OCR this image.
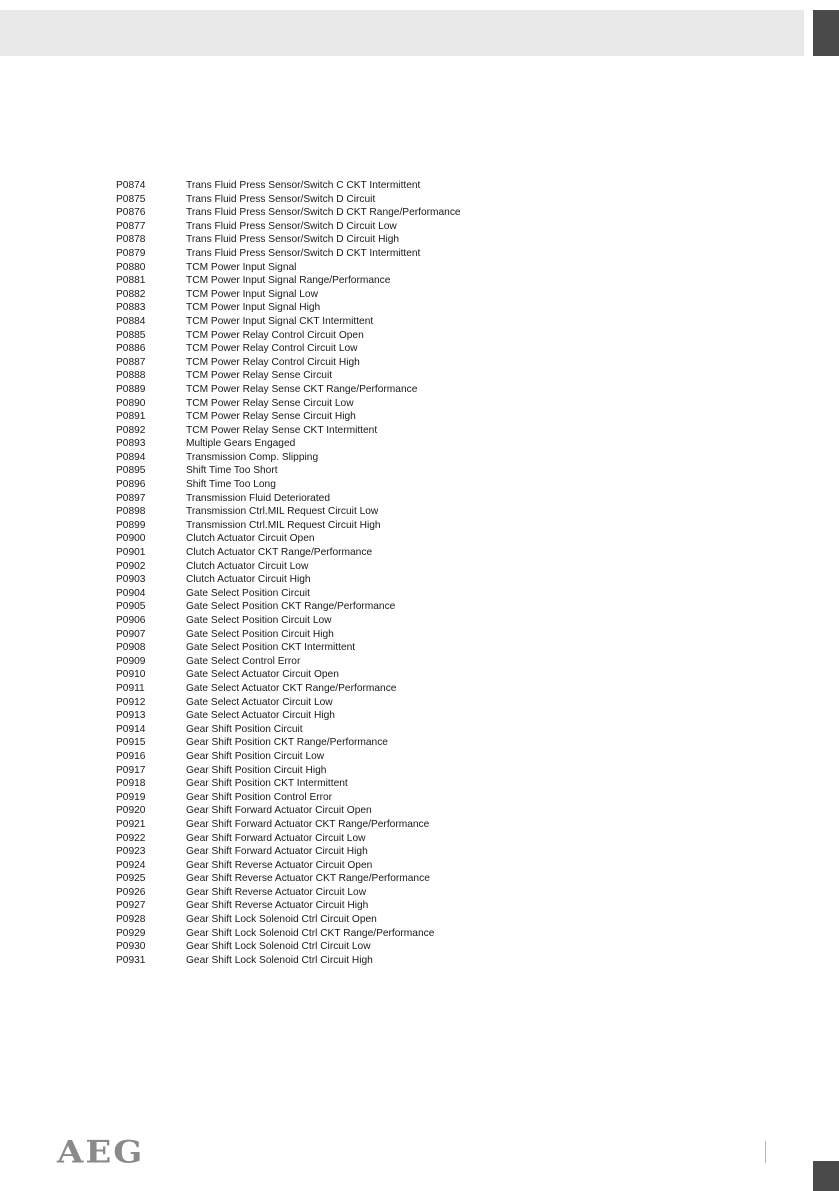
P0874	Trans Fluid Press Sensor/Switch C CKT Intermittent
P0875	Trans Fluid Press Sensor/Switch D Circuit
P0876	Trans Fluid Press Sensor/Switch D CKT Range/Performance
P0877	Trans Fluid Press Sensor/Switch D Circuit Low
P0878	Trans Fluid Press Sensor/Switch D Circuit High
P0879	Trans Fluid Press Sensor/Switch D CKT Intermittent
P0880	TCM Power Input Signal
P0881	TCM Power Input Signal Range/Performance
P0882	TCM Power Input Signal Low
P0883	TCM Power Input Signal High
P0884	TCM Power Input Signal CKT Intermittent
P0885	TCM Power Relay Control Circuit Open
P0886	TCM Power Relay Control Circuit Low
P0887	TCM Power Relay Control Circuit High
P0888	TCM Power Relay Sense Circuit
P0889	TCM Power Relay Sense CKT Range/Performance
P0890	TCM Power Relay Sense Circuit Low
P0891	TCM Power Relay Sense Circuit High
P0892	TCM Power Relay Sense CKT Intermittent
P0893	Multiple Gears Engaged
P0894	Transmission Comp. Slipping
P0895	Shift Time Too Short
P0896	Shift Time Too Long
P0897	Transmission Fluid Deteriorated
P0898	Transmission Ctrl.MIL Request Circuit Low
P0899	Transmission Ctrl.MIL Request Circuit High
P0900	Clutch Actuator Circuit Open
P0901	Clutch Actuator CKT Range/Performance
P0902	Clutch Actuator Circuit Low
P0903	Clutch Actuator Circuit High
P0904	Gate Select Position Circuit
P0905	Gate Select Position CKT Range/Performance
P0906	Gate Select Position Circuit Low
P0907	Gate Select Position Circuit High
P0908	Gate Select Position CKT Intermittent
P0909	Gate Select Control Error
P0910	Gate Select Actuator Circuit Open
P0911	Gate Select Actuator CKT Range/Performance
P0912	Gate Select Actuator Circuit Low
P0913	Gate Select Actuator Circuit High
P0914	Gear Shift Position Circuit
P0915	Gear Shift Position CKT Range/Performance
P0916	Gear Shift Position Circuit Low
P0917	Gear Shift Position Circuit High
P0918	Gear Shift Position CKT Intermittent
P0919	Gear Shift Position Control Error
P0920	Gear Shift Forward Actuator Circuit Open
P0921	Gear Shift Forward Actuator CKT Range/Performance
P0922	Gear Shift Forward Actuator Circuit Low
P0923	Gear Shift Forward Actuator Circuit High
P0924	Gear Shift Reverse Actuator Circuit Open
P0925	Gear Shift Reverse Actuator CKT Range/Performance
P0926	Gear Shift Reverse Actuator Circuit Low
P0927	Gear Shift Reverse Actuator Circuit High
P0928	Gear Shift Lock Solenoid Ctrl Circuit Open
P0929	Gear Shift Lock Solenoid Ctrl CKT Range/Performance
P0930	Gear Shift Lock Solenoid Ctrl Circuit Low
P0931	Gear Shift Lock Solenoid Ctrl Circuit High
AEG
